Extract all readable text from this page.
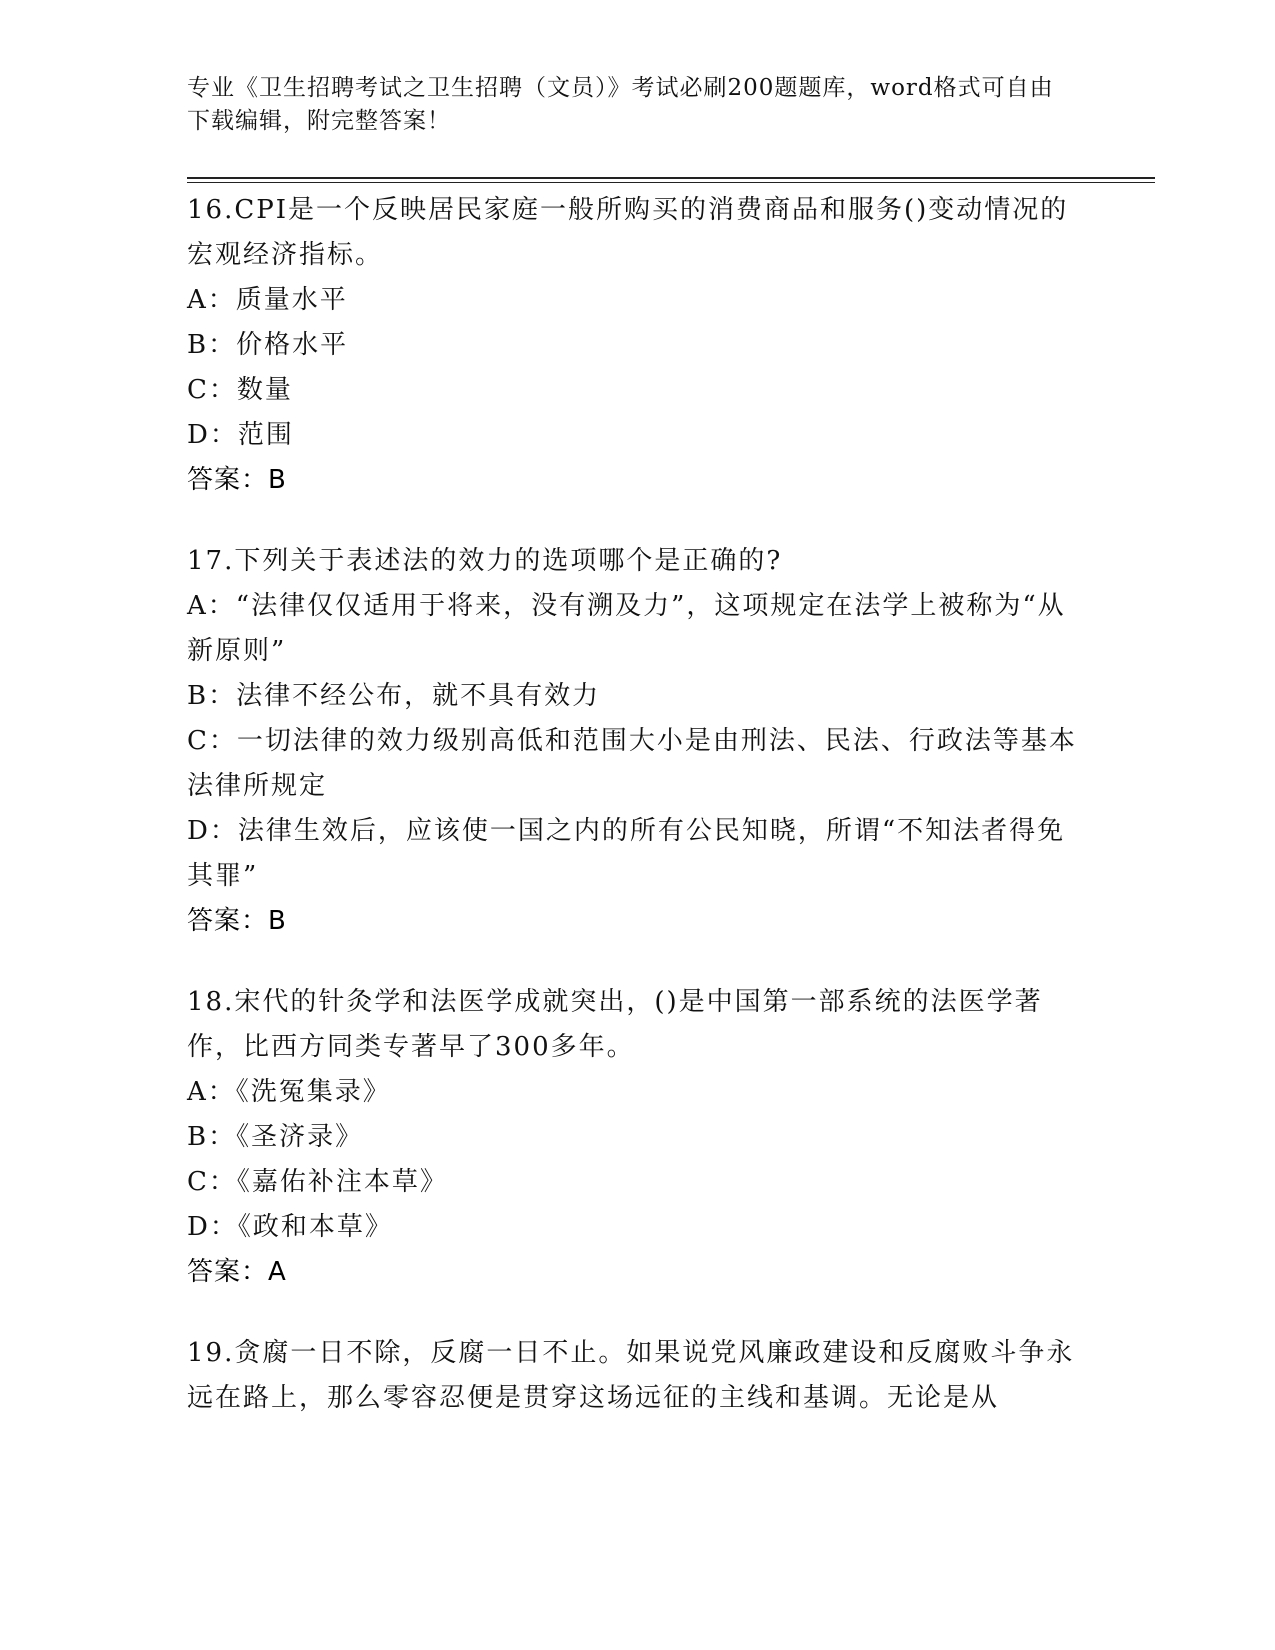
专业《卫生招聘考试之卫生招聘（文员）》考试必刷200题题库，word格式可自由下载编辑，附完整答案！
16.CPI是一个反映居民家庭一般所购买的消费商品和服务()变动情况的宏观经济指标。
A：质量水平
B：价格水平
C：数量
D：范围
答案：B
17.下列关于表述法的效力的选项哪个是正确的?
A：“法律仅仅适用于将来，没有溯及力”，这项规定在法学上被称为“从新原则”
B：法律不经公布，就不具有效力
C：一切法律的效力级别高低和范围大小是由刑法、民法、行政法等基本法律所规定
D：法律生效后，应该使一国之内的所有公民知晓，所谓“不知法者得免其罪”
答案：B
18.宋代的针灸学和法医学成就突出，()是中国第一部系统的法医学著作，比西方同类专著早了300多年。
A：《洗冤集录》
B：《圣济录》
C：《嘉佑补注本草》
D：《政和本草》
答案：A
19.贪腐一日不除，反腐一日不止。如果说党风廉政建设和反腐败斗争永远在路上，那么零容忍便是贯穿这场远征的主线和基调。无论是从
